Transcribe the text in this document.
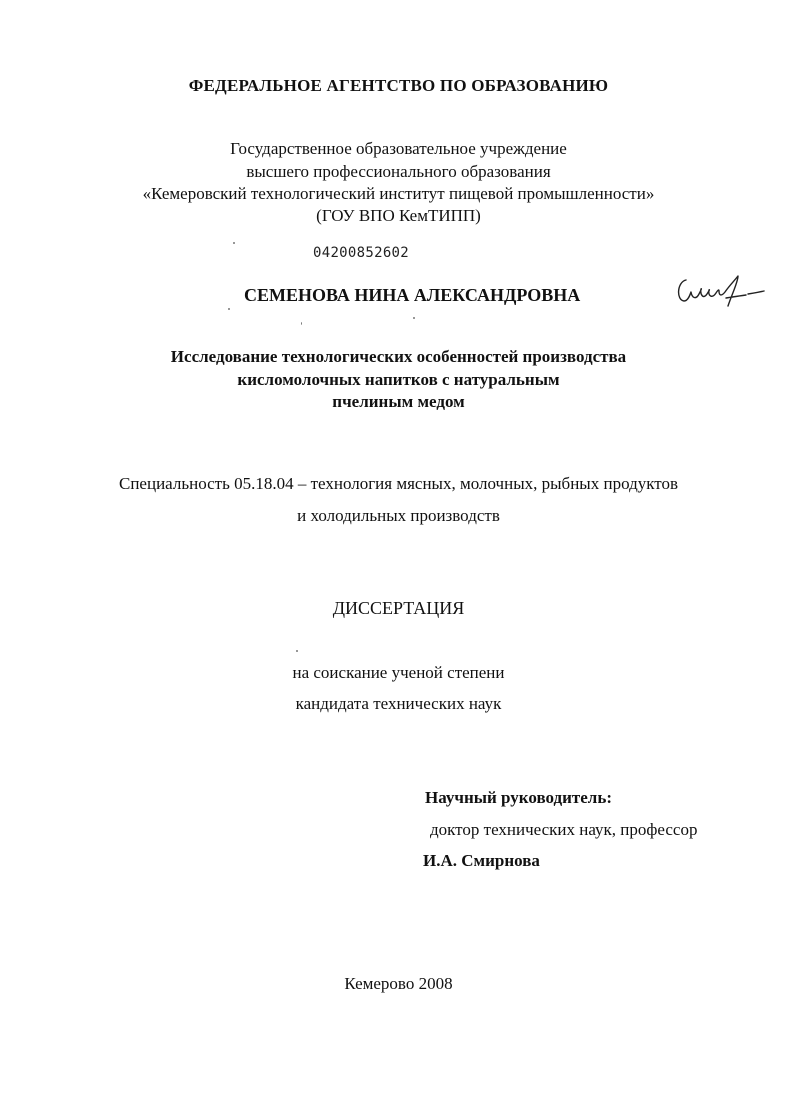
ФЕДЕРАЛЬНОЕ АГЕНТСТВО ПО ОБРАЗОВАНИЮ
Государственное образовательное учреждение
высшего профессионального образования
«Кемеровский технологический институт пищевой промышленности»
(ГОУ ВПО КемТИПП)
04200852602
СЕМЕНОВА НИНА АЛЕКСАНДРОВНА
Исследование технологических особенностей производства
кисломолочных напитков с натуральным
пчелиным медом
Специальность 05.18.04 – технология мясных, молочных, рыбных продуктов
и холодильных производств
ДИССЕРТАЦИЯ
на соискание ученой степени
кандидата технических наук
Научный руководитель:
доктор технических наук, профессор
И.А. Смирнова
Кемерово 2008
